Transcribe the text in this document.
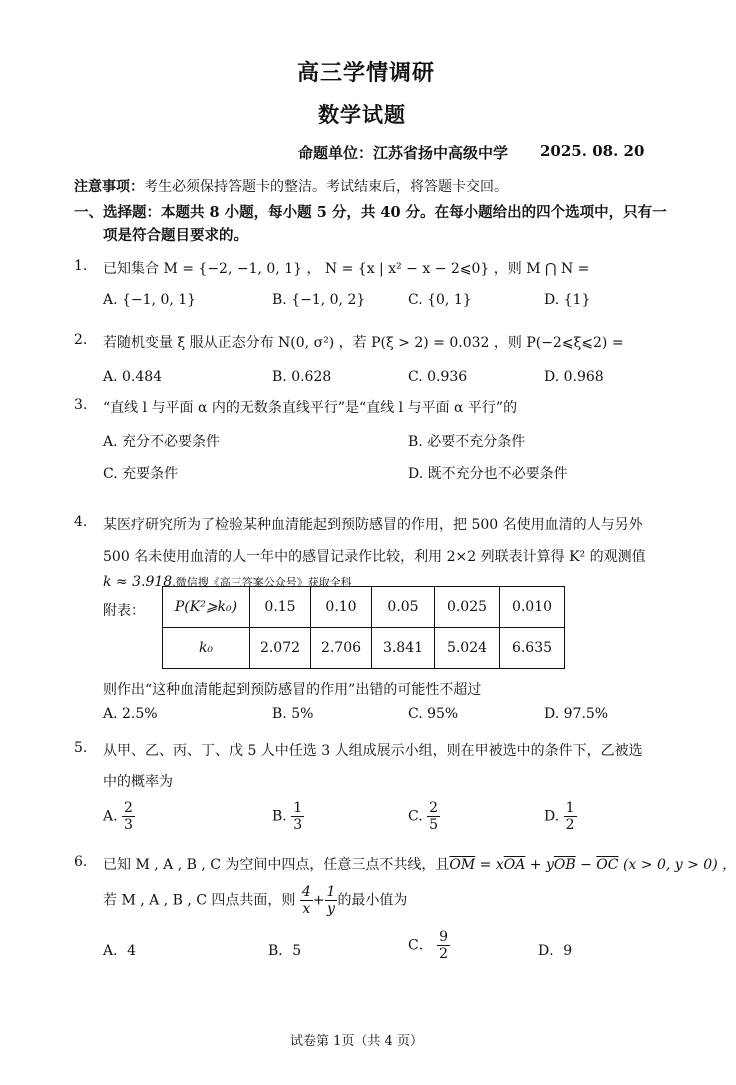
高三学情调研
数学试题
命题单位：江苏省扬中高级中学 2025. 08. 20
注意事项：考生必须保持答题卡的整洁。考试结束后，将答题卡交回。
一、选择题：本题共 8 小题，每小题 5 分，共 40 分。在每小题给出的四个选项中，只有一
项是符合题目要求的。
1. 已知集合 M = {−2, −1, 0, 1} ， N = {x | x² − x − 2⩽0} ，则 M ⋂ N =
A. {−1, 0, 1}	B. {−1, 0, 2}	C. {0, 1}	D. {1}
2. 若随机变量 ξ 服从正态分布 N(0, σ²) ，若 P(ξ > 2) = 0.032 ，则 P(−2⩽ξ⩽2) =
A. 0.484	B. 0.628	C. 0.936	D. 0.968
3. “直线 l 与平面 α 内的无数条直线平行”是“直线 l 与平面 α 平行”的
A. 充分不必要条件	B. 必要不充分条件
C. 充要条件	D. 既不充分也不必要条件
4. 某医疗研究所为了检验某种血清能起到预防感冒的作用，把 500 名使用血清的人与另外
500 名未使用血清的人一年中的感冒记录作比较，利用 2×2 列联表计算得 K² 的观测值
k ≈ 3.918.微信搜《高三答案公众号》获取全科
附表： P(K²⩾k₀)	0.15	0.10	0.05	0.025	0.010
k₀	2.072	2.706	3.841	5.024	6.635
则作出“这种血清能起到预防感冒的作用”出错的可能性不超过
A. 2.5%	B. 5%	C. 95%	D. 97.5%
5. 从甲、乙、丙、丁、戊 5 人中任选 3 人组成展示小组，则在甲被选中的条件下，乙被选
中的概率为
A. $\frac{2}{3}$	B. $\frac{1}{3}$	C. $\frac{2}{5}$	D. $\frac{1}{2}$
6. 已知 M , A , B , C 为空间中四点，任意三点不共线，且$\overline{OM} = x\overline{OA} + y\overline{OB} - \overline{OC}$ (x > 0, y > 0) ，
若 M , A , B , C 四点共面，则 $\frac{4}{x} + \frac{1}{y}$ 的最小值为
A．4	B．5	C． $\frac{9}{2}$	D．9
试卷第 1页（共 4 页）
